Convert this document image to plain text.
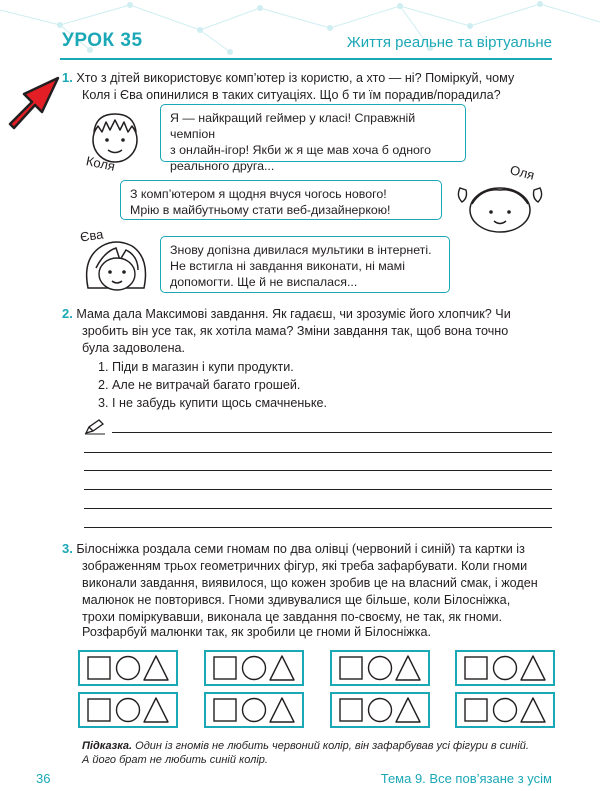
УРОК 35	Життя реальне та віртуальне
1. Хто з дітей використовує комп’ютер із користю, а хто — ні? Поміркуй, чому
Коля і Єва опинилися в таких ситуаціях. Що б ти їм порадив/порадила?
Коля
Я — найкращий геймер у класі! Справжній чемпіон
з онлайн-ігор! Якби ж я ще мав хоча б одного
реального друга...
З комп’ютером я щодня вчуся чогось нового!
Мрію в майбутньому стати веб-дизайнеркою!
Оля
Єва
Знову допізна дивилася мультики в інтернеті.
Не встигла ні завдання виконати, ні мамі
допомогти. Ще й не виспалася...
2. Мама дала Максимові завдання. Як гадаєш, чи зрозуміє його хлопчик? Чи
зробить він усе так, як хотіла мама? Зміни завдання так, щоб вона точно
була задоволена.
1. Піди в магазин і купи продукти.
2. Але не витрачай багато грошей.
3. І не забудь купити щось смачненьке.
3. Білосніжка роздала семи гномам по два олівці (червоний і синій) та картки із
зображенням трьох геометричних фігур, які треба зафарбувати. Коли гноми
виконали завдання, виявилося, що кожен зробив це на власний смак, і жоден
малюнок не повторився. Гноми здивувалися ще більше, коли Білосніжка,
трохи поміркувавши, виконала це завдання по-своєму, не так, як гноми.
Розфарбуй малюнки так, як зробили це гноми й Білосніжка.
Підказка. Один із гномів не любить червоний колір, він зафарбував усі фігури в синій.
А його брат не любить синій колір.
36	Тема 9. Все пов’язане з усім
